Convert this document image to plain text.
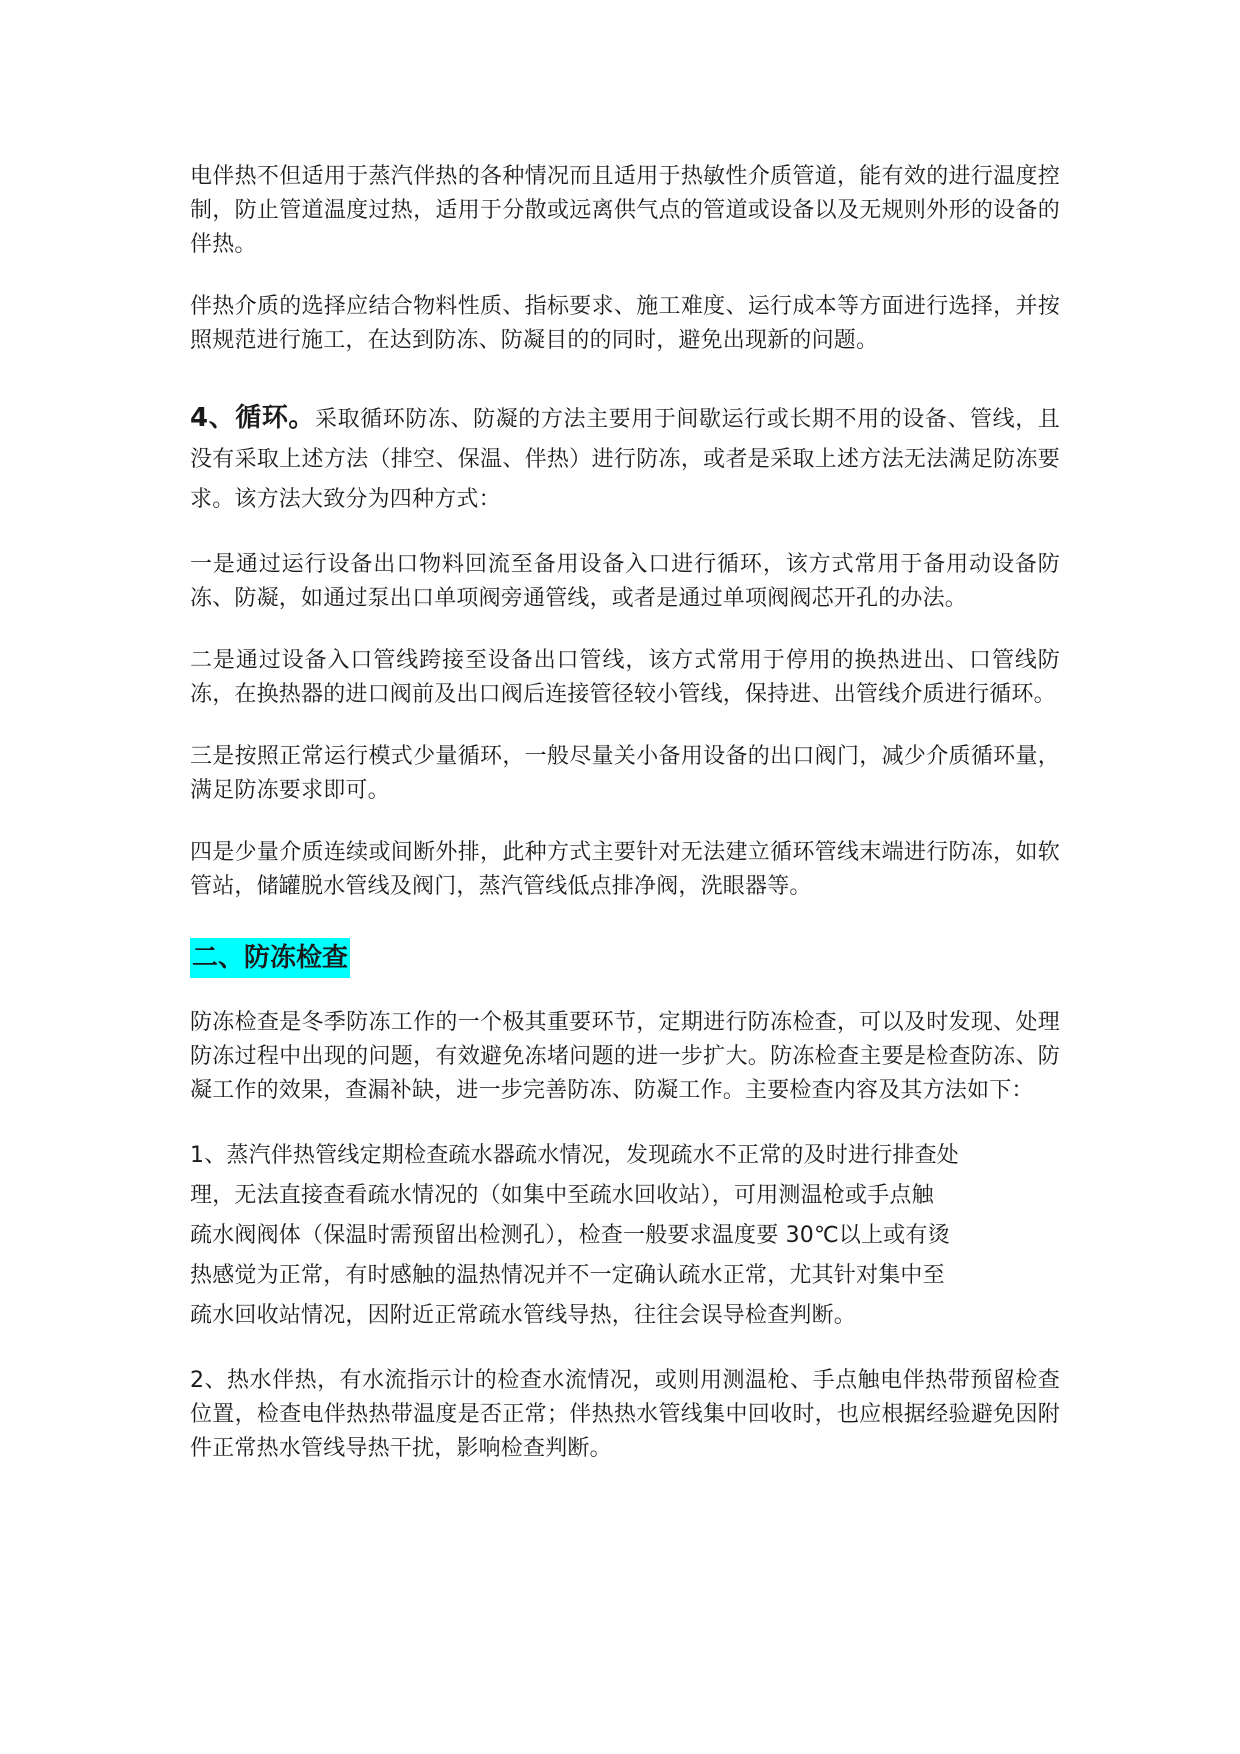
电伴热不但适用于蒸汽伴热的各种情况而且适用于热敏性介质管道，能有效的进行温度控制，防止管道温度过热，适用于分散或远离供气点的管道或设备以及无规则外形的设备的伴热。

伴热介质的选择应结合物料性质、指标要求、施工难度、运行成本等方面进行选择，并按照规范进行施工，在达到防冻、防凝目的的同时，避免出现新的问题。

4、循环。采取循环防冻、防凝的方法主要用于间歇运行或长期不用的设备、管线，且没有采取上述方法（排空、保温、伴热）进行防冻，或者是采取上述方法无法满足防冻要求。该方法大致分为四种方式：

一是通过运行设备出口物料回流至备用设备入口进行循环，该方式常用于备用动设备防冻、防凝，如通过泵出口单项阀旁通管线，或者是通过单项阀阀芯开孔的办法。

二是通过设备入口管线跨接至设备出口管线，该方式常用于停用的换热进出、口管线防冻，在换热器的进口阀前及出口阀后连接管径较小管线，保持进、出管线介质进行循环。

三是按照正常运行模式少量循环，一般尽量关小备用设备的出口阀门，减少介质循环量，满足防冻要求即可。

四是少量介质连续或间断外排，此种方式主要针对无法建立循环管线末端进行防冻，如软管站，储罐脱水管线及阀门，蒸汽管线低点排净阀，洗眼器等。

二、防冻检查

防冻检查是冬季防冻工作的一个极其重要环节，定期进行防冻检查，可以及时发现、处理防冻过程中出现的问题，有效避免冻堵问题的进一步扩大。防冻检查主要是检查防冻、防凝工作的效果，查漏补缺，进一步完善防冻、防凝工作。主要检查内容及其方法如下：

1、蒸汽伴热管线定期检查疏水器疏水情况，发现疏水不正常的及时进行排查处
理，无法直接查看疏水情况的（如集中至疏水回收站），可用测温枪或手点触
疏水阀阀体（保温时需预留出检测孔），检查一般要求温度要 30℃以上或有烫
热感觉为正常，有时感触的温热情况并不一定确认疏水正常，尤其针对集中至
疏水回收站情况，因附近正常疏水管线导热，往往会误导检查判断。

2、热水伴热，有水流指示计的检查水流情况，或则用测温枪、手点触电伴热带预留检查位置，检查电伴热热带温度是否正常；伴热热水管线集中回收时，也应根据经验避免因附件正常热水管线导热干扰，影响检查判断。
